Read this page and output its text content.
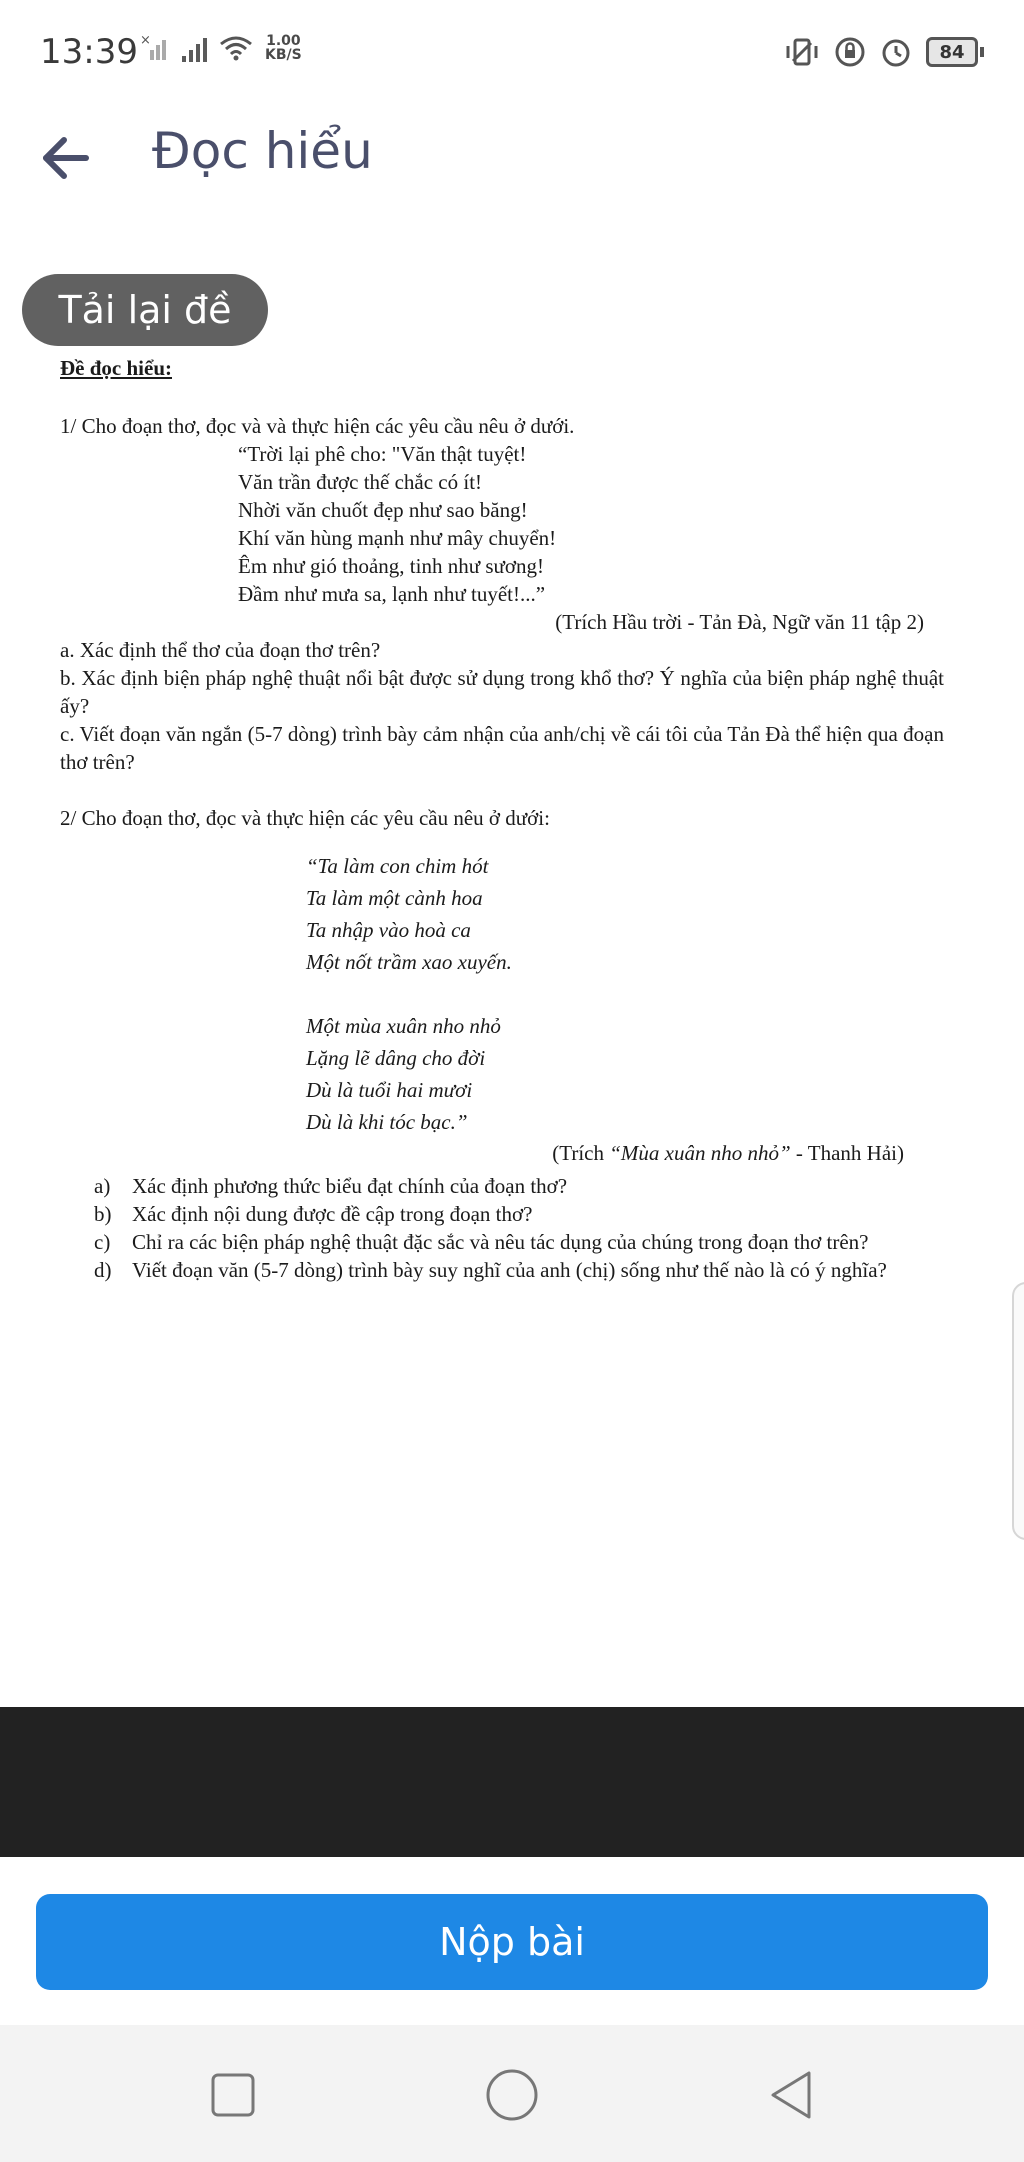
13:39 ×	1.00
KB/S	84
Đọc hiểu
Tải lại đề
Đề đọc hiểu:
1/ Cho đoạn thơ, đọc và và thực hiện các yêu cầu nêu ở dưới.
“Trời lại phê cho: "Văn thật tuyệt!
Văn trần được thế chắc có ít!
Nhời văn chuốt đẹp như sao băng!
Khí văn hùng mạnh như mây chuyển!
Êm như gió thoảng, tinh như sương!
Đầm như mưa sa, lạnh như tuyết!...”
(Trích Hầu trời - Tản Đà, Ngữ văn 11 tập 2)
a. Xác định thể thơ của đoạn thơ trên?
b. Xác định biện pháp nghệ thuật nổi bật được sử dụng trong khổ thơ? Ý nghĩa của biện pháp nghệ thuật ấy?
c. Viết đoạn văn ngắn (5-7 dòng) trình bày cảm nhận của anh/chị về cái tôi của Tản Đà thể hiện qua đoạn thơ trên?
2/ Cho đoạn thơ, đọc và thực hiện các yêu cầu nêu ở dưới:
“Ta làm con chim hót
Ta làm một cành hoa
Ta nhập vào hoà ca
Một nốt trầm xao xuyến.
Một mùa xuân nho nhỏ
Lặng lẽ dâng cho đời
Dù là tuổi hai mươi
Dù là khi tóc bạc.”
(Trích “Mùa xuân nho nhỏ” - Thanh Hải)
a)	Xác định phương thức biểu đạt chính của đoạn thơ?
b) Xác định nội dung được đề cập trong đoạn thơ?
c)	Chỉ ra các biện pháp nghệ thuật đặc sắc và nêu tác dụng của chúng trong đoạn thơ trên?
d) Viết đoạn văn (5-7 dòng) trình bày suy nghĩ của anh (chị) sống như thế nào là có ý nghĩa?
Nộp bài
